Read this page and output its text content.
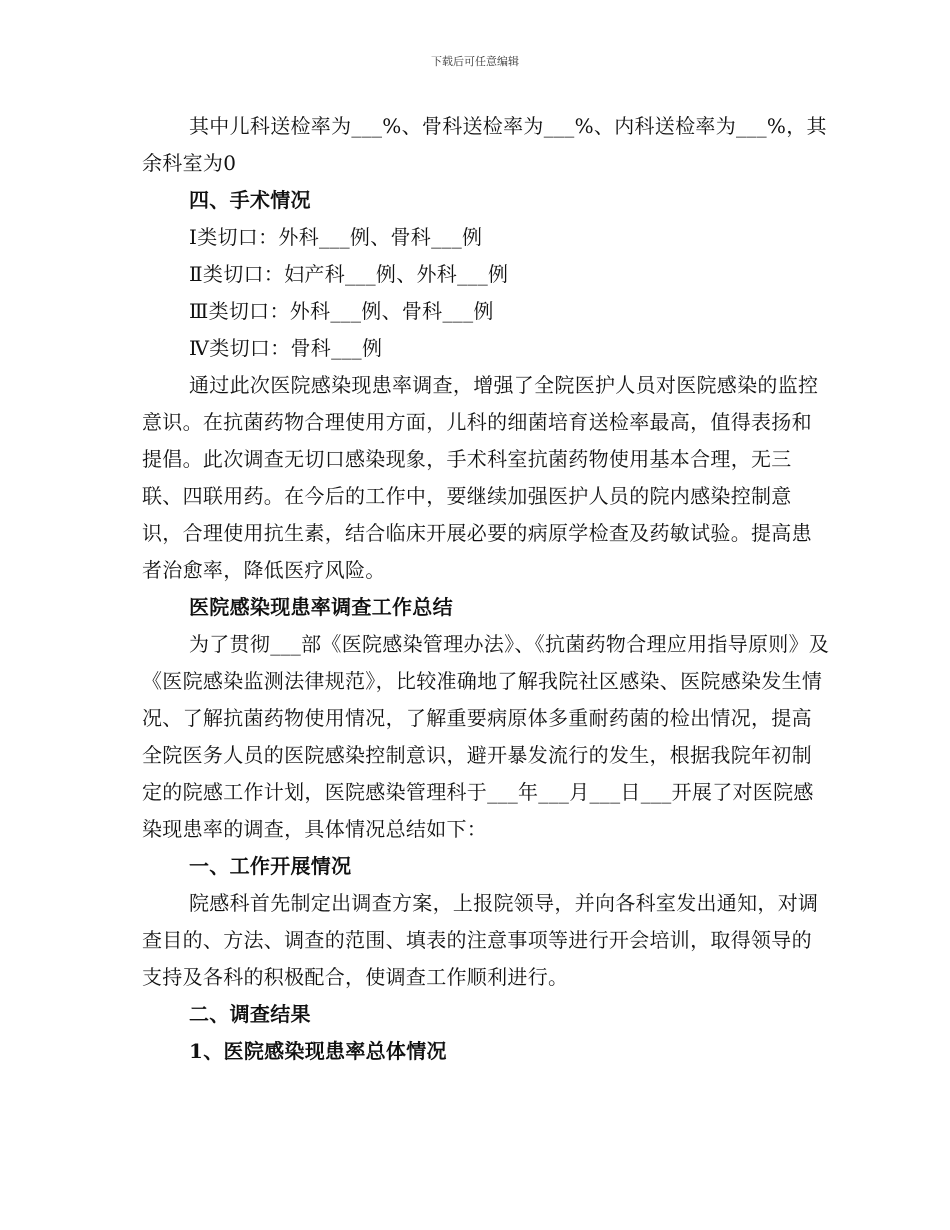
下载后可任意编辑

其中儿科送检率为___%、骨科送检率为___%、内科送检率为___%，其余科室为0

四、手术情况

Ⅰ类切口：外科___例、骨科___例

Ⅱ类切口：妇产科___例、外科___例

Ⅲ类切口：外科___例、骨科___例

Ⅳ类切口：骨科___例

通过此次医院感染现患率调查，增强了全院医护人员对医院感染的监控意识。在抗菌药物合理使用方面，儿科的细菌培育送检率最高，值得表扬和提倡。此次调查无切口感染现象，手术科室抗菌药物使用基本合理，无三联、四联用药。在今后的工作中，要继续加强医护人员的院内感染控制意识，合理使用抗生素，结合临床开展必要的病原学检查及药敏试验。提高患者治愈率，降低医疗风险。

医院感染现患率调查工作总结

为了贯彻___部《医院感染管理办法》、《抗菌药物合理应用指导原则》及《医院感染监测法律规范》，比较准确地了解我院社区感染、医院感染发生情况、了解抗菌药物使用情况，了解重要病原体多重耐药菌的检出情况，提高全院医务人员的医院感染控制意识，避开暴发流行的发生，根据我院年初制定的院感工作计划，医院感染管理科于___年___月___日___开展了对医院感染现患率的调查，具体情况总结如下：

一、工作开展情况

院感科首先制定出调查方案，上报院领导，并向各科室发出通知，对调查目的、方法、调查的范围、填表的注意事项等进行开会培训，取得领导的支持及各科的积极配合，使调查工作顺利进行。

二、调查结果

1、医院感染现患率总体情况
